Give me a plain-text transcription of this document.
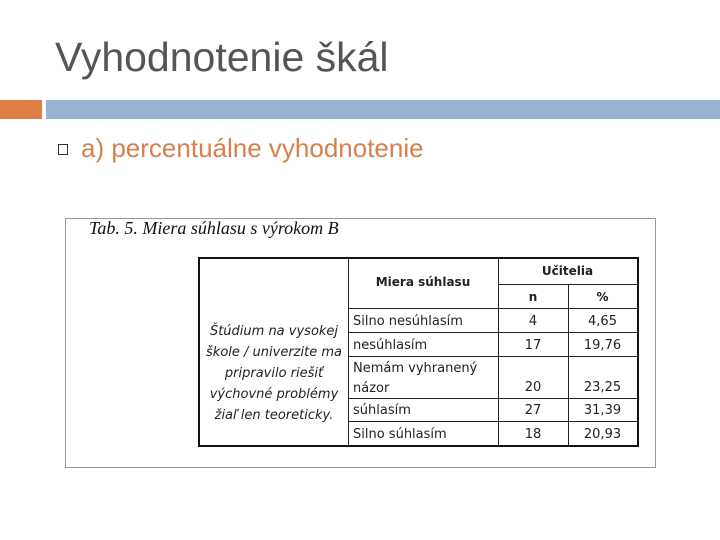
Vyhodnotenie škál
a) percentuálne vyhodnotenie
Tab. 5. Miera súhlasu s výrokom B
Štúdium na vysokej škole / univerzite ma pripravilo riešiť výchovné problémy žiaľ len teoreticky.
Miera súhlasu
Učitelia
n	%
Silno nesúhlasím	4	4,65
nesúhlasím	17	19,76
Nemám vyhranený názor	20	23,25
súhlasím	27	31,39
Silno súhlasím	18	20,93
